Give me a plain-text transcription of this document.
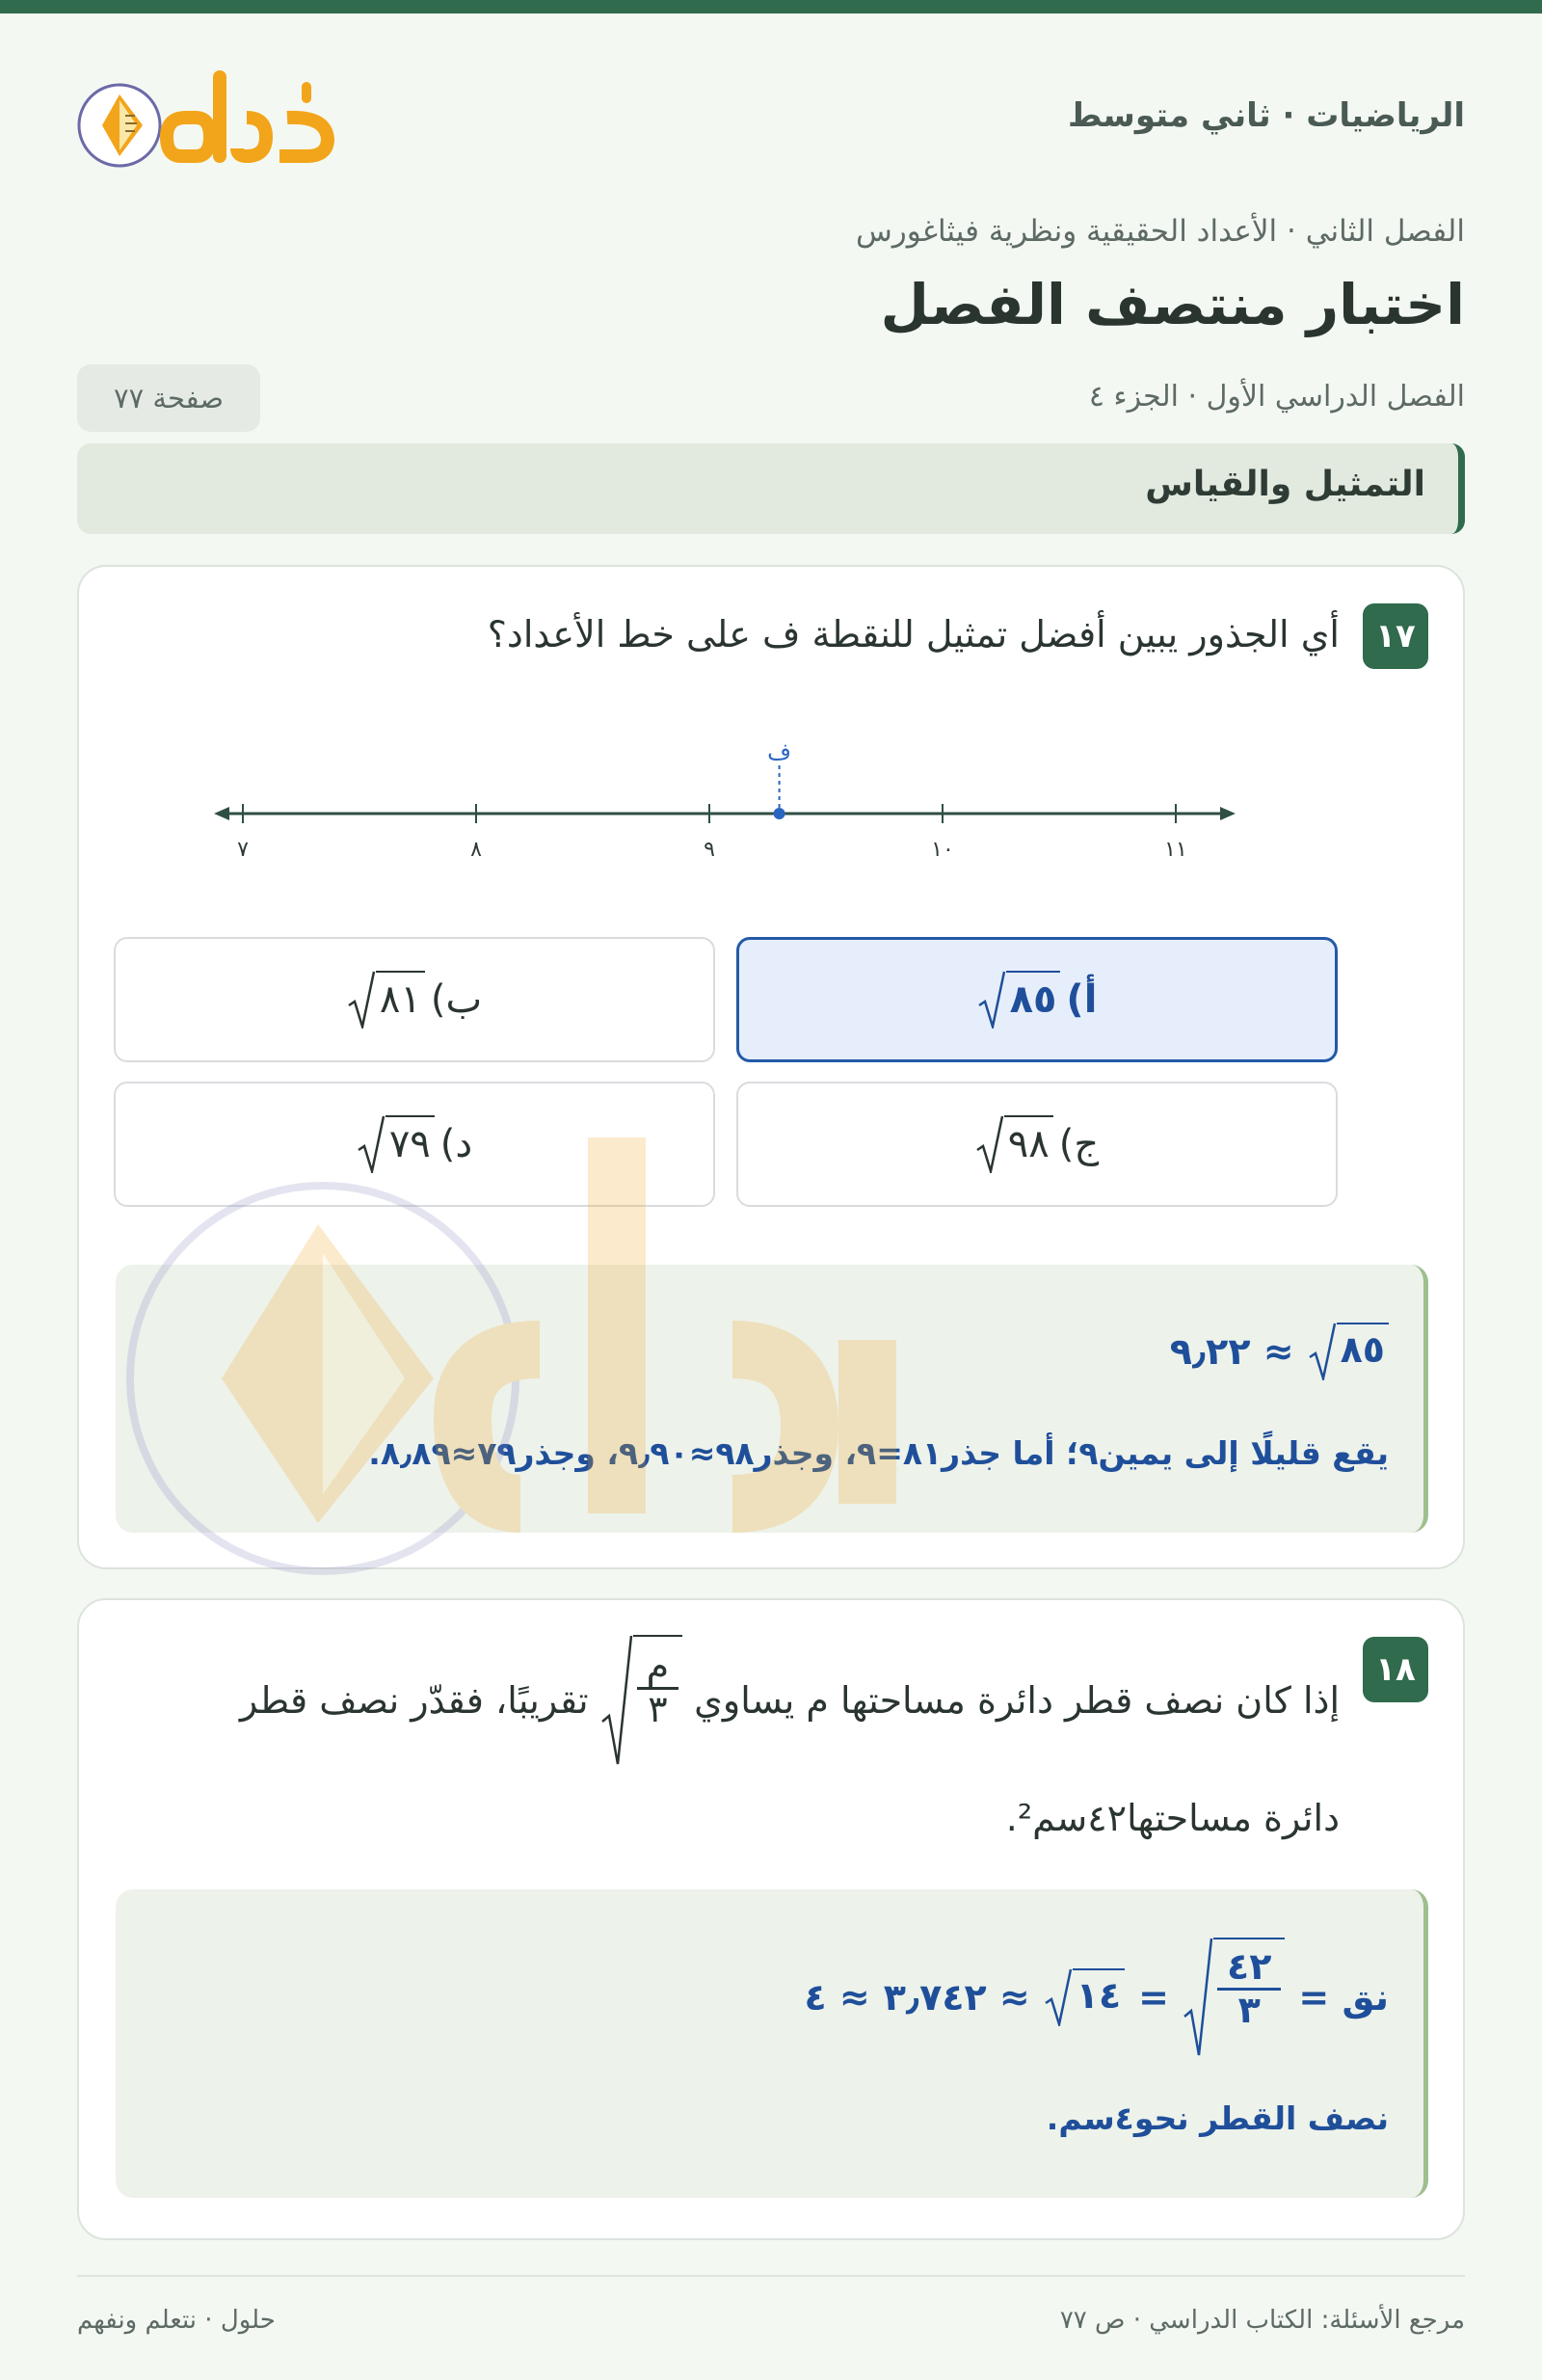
الرياضيات · ثاني متوسط
الفصل الثاني · الأعداد الحقيقية ونظرية فيثاغورس
اختبار منتصف الفصل
الفصل الدراسي الأول · الجزء ٤
صفحة ٧٧
التمثيل والقياس
١٧
أي الجذور يبين أفضل تمثيل للنقطة ف على خط الأعداد؟
٧	٨	٩	١٠	١١
ف
أ)
٨٥
ب)
٨١
ج)
٩٨
د)
٧٩
٨٥
≈ ٩٫٢٢
يقع قليلًا إلى يمين٩؛ أما جذر٨١=٩، وجذر٩٨≈٩٫٩٠، وجذر٧٩≈٨٫٨٩.
١٨
إذا كان نصف قطر دائرة مساحتها م يساوي
$\frac{\text{م}}{٣}$
تقريبًا، فقدّر نصف قطر
دائرة مساحتها٤٢سم².
نق =
$\frac{٤٢}{٣}$
=
١٤
≈ ٣٫٧٤٢
≈ ٤
نصف القطر نحو٤سم.
مرجع الأسئلة: الكتاب الدراسي · ص ٧٧
حلول · نتعلم ونفهم
